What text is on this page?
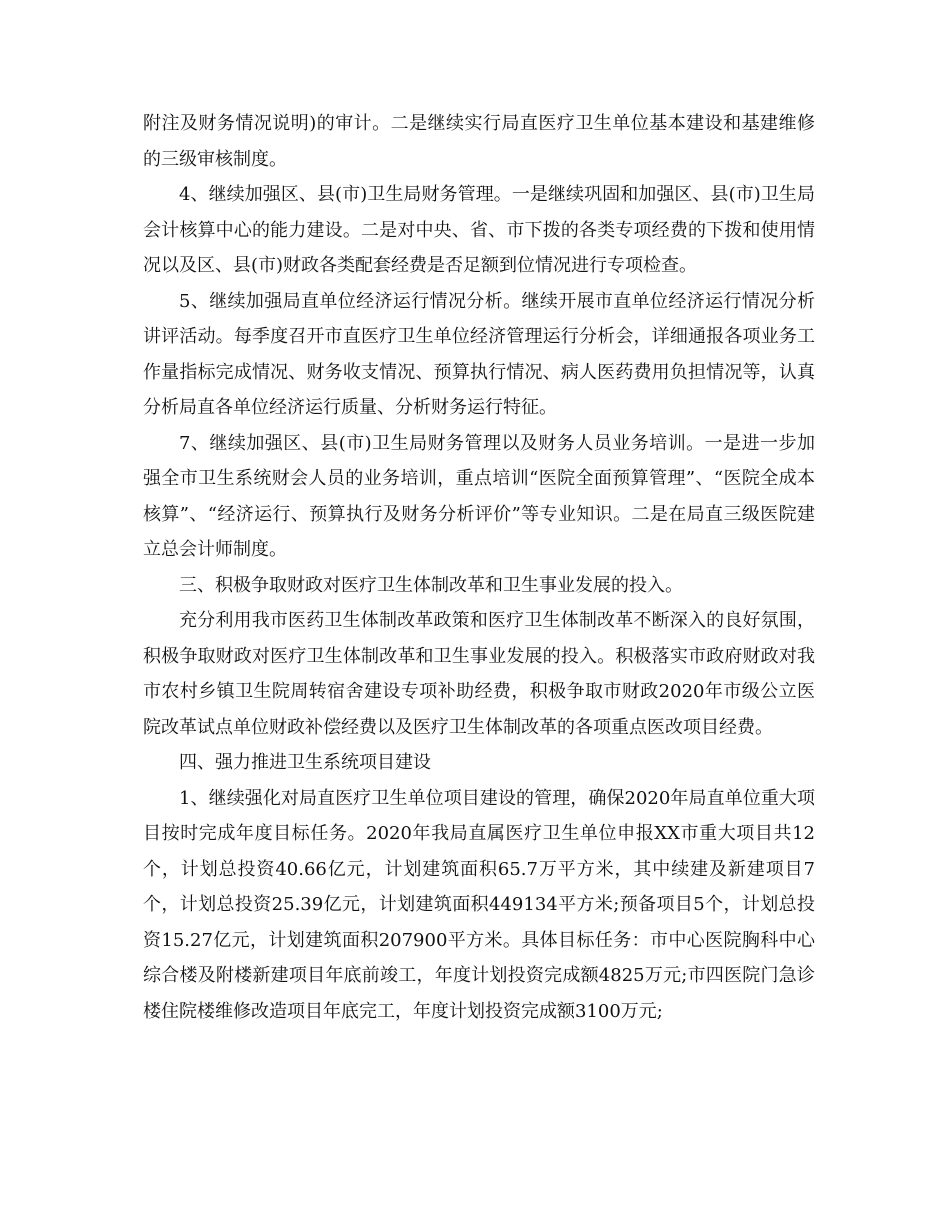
附注及财务情况说明)的审计。二是继续实行局直医疗卫生单位基本建设和基建维修的三级审核制度。

4、继续加强区、县(市)卫生局财务管理。一是继续巩固和加强区、县(市)卫生局会计核算中心的能力建设。二是对中央、省、市下拨的各类专项经费的下拨和使用情况以及区、县(市)财政各类配套经费是否足额到位情况进行专项检查。

5、继续加强局直单位经济运行情况分析。继续开展市直单位经济运行情况分析讲评活动。每季度召开市直医疗卫生单位经济管理运行分析会，详细通报各项业务工作量指标完成情况、财务收支情况、预算执行情况、病人医药费用负担情况等，认真分析局直各单位经济运行质量、分析财务运行特征。

7、继续加强区、县(市)卫生局财务管理以及财务人员业务培训。一是进一步加强全市卫生系统财会人员的业务培训，重点培训“医院全面预算管理”、“医院全成本核算”、“经济运行、预算执行及财务分析评价”等专业知识。二是在局直三级医院建立总会计师制度。

三、积极争取财政对医疗卫生体制改革和卫生事业发展的投入。

充分利用我市医药卫生体制改革政策和医疗卫生体制改革不断深入的良好氛围，积极争取财政对医疗卫生体制改革和卫生事业发展的投入。积极落实市政府财政对我市农村乡镇卫生院周转宿舍建设专项补助经费，积极争取市财政2020年市级公立医院改革试点单位财政补偿经费以及医疗卫生体制改革的各项重点医改项目经费。

四、强力推进卫生系统项目建设

1、继续强化对局直医疗卫生单位项目建设的管理，确保2020年局直单位重大项目按时完成年度目标任务。2020年我局直属医疗卫生单位申报XX市重大项目共12个，计划总投资40.66亿元，计划建筑面积65.7万平方米，其中续建及新建项目7个，计划总投资25.39亿元，计划建筑面积449134平方米;预备项目5个，计划总投资15.27亿元，计划建筑面积207900平方米。具体目标任务：市中心医院胸科中心综合楼及附楼新建项目年底前竣工，年度计划投资完成额4825万元;市四医院门急诊楼住院楼维修改造项目年底完工，年度计划投资完成额3100万元;
